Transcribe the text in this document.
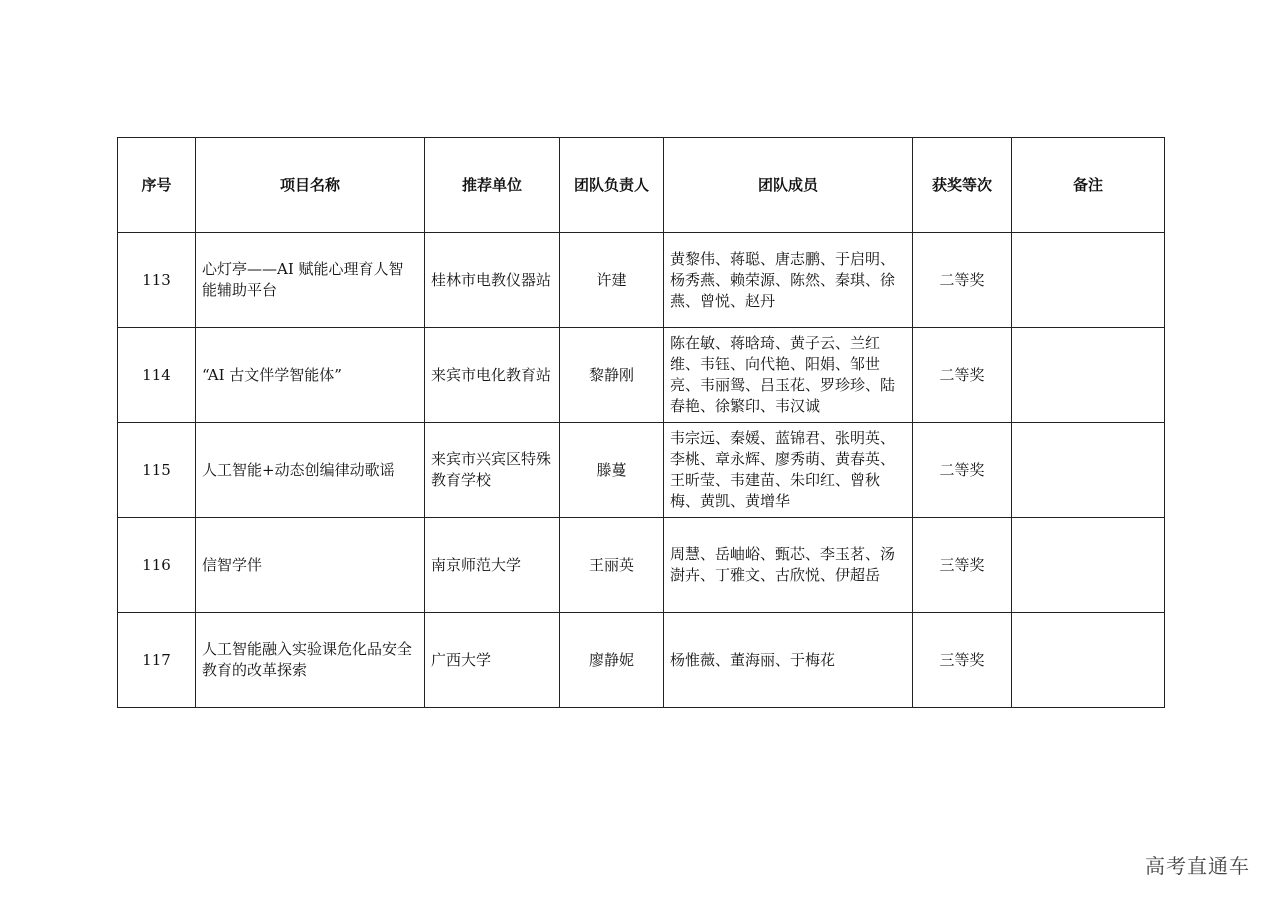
序号	项目名称	推荐单位	团队负责人	团队成员	获奖等次	备注
113	心灯亭——AI 赋能心理育人智能辅助平台	桂林市电教仪器站	许建	黄黎伟、蒋聪、唐志鹏、于启明、杨秀燕、赖荣源、陈然、秦琪、徐燕、曾悦、赵丹	二等奖	
114	“AI 古文伴学智能体”	来宾市电化教育站	黎静刚	陈在敏、蒋晗琦、黄子云、兰红维、韦钰、向代艳、阳娟、邹世亮、韦丽鸳、吕玉花、罗珍珍、陆春艳、徐繁印、韦汉诚	二等奖	
115	人工智能+动态创编律动歌谣	来宾市兴宾区特殊教育学校	滕蔓	韦宗远、秦媛、蓝锦君、张明英、李桃、章永辉、廖秀萌、黄春英、王昕莹、韦建苗、朱印红、曾秋梅、黄凯、黄增华	二等奖	
116	信智学伴	南京师范大学	王丽英	周慧、岳岫峪、甄芯、李玉茗、汤澍卉、丁雅文、古欣悦、伊超岳	三等奖	
117	人工智能融入实验课危化品安全教育的改革探索	广西大学	廖静妮	杨惟薇、董海丽、于梅花	三等奖	
高考直通车
